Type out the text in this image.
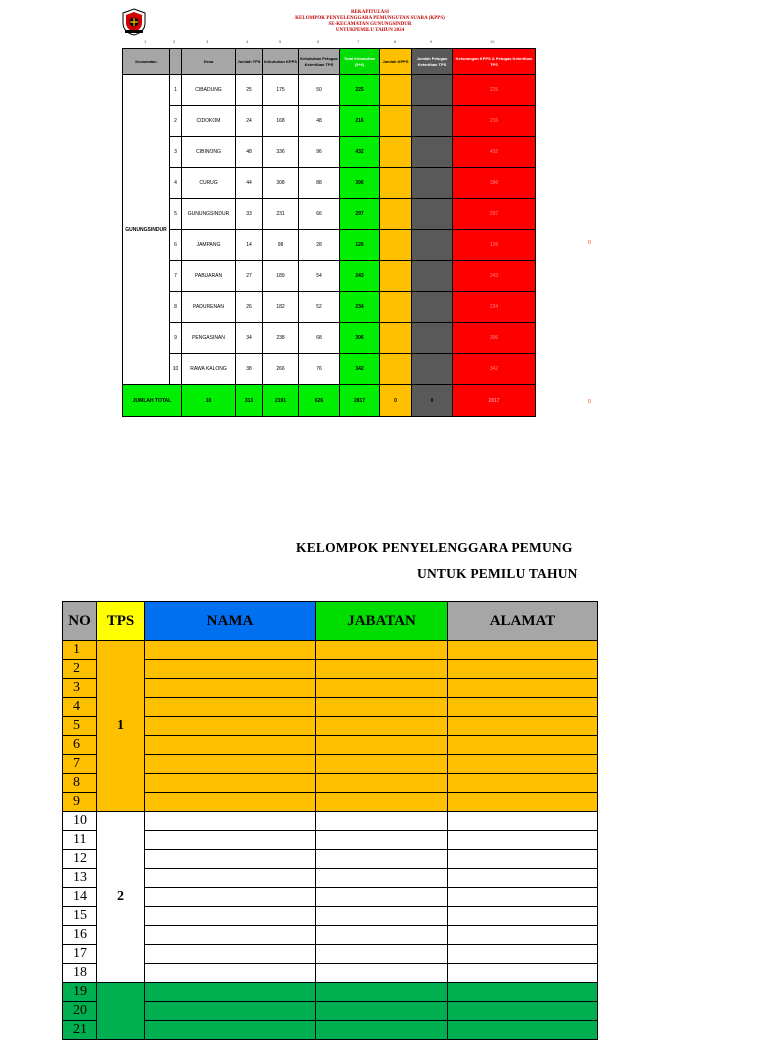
REKAPITULASI
KELOMPOK PENYELENGGARA PEMUNGUTAN SUARA (KPPS)
SE-KECAMATAN GUNUNGSINDUR
UNTUKPEMILU TAHUN 2024
1	2	3	4	5	6	7	8	9	10
Kecamatan		Desa	Jumlah TPS	Kebutuhan KPPS	Kebutuhan Petugas Ketertiban TPS	Total Kebutuhan (5+6)	Jumlah KPPS	Jumlah Petugas Ketertiban TPS	Kekurangan KPPS & Petugas Ketertiban TPS
GUNUNGSINDUR	1	CIBADUNG	25	175	50	225			225
	2	CIDOKOM	24	168	48	216			216
	3	CIBINONG	48	336	96	432			432
	4	CURUG	44	308	88	396			396
	5	GUNUNGSINDUR	33	231	66	297			297
	6	JAMPANG	14	98	28	126			126
	7	PABUARAN	27	189	54	243			243
	8	PADURENAN	26	182	52	234			234
	9	PENGASINAN	34	238	68	306			306
	10	RAWA KALONG	38	266	76	342			342
JUMLAH TOTAL		10	313	2191	626	2817	0	0	2817
0
0
KELOMPOK PENYELENGGARA PEMUNG
UNTUK PEMILU TAHUN
NO	TPS	NAMA	JABATAN	ALAMAT
1	1			
2				
3				
4				
5				
6				
7				
8				
9				
10	2			
11				
12				
13				
14				
15				
16				
17				
18				
19				
20				
21				
